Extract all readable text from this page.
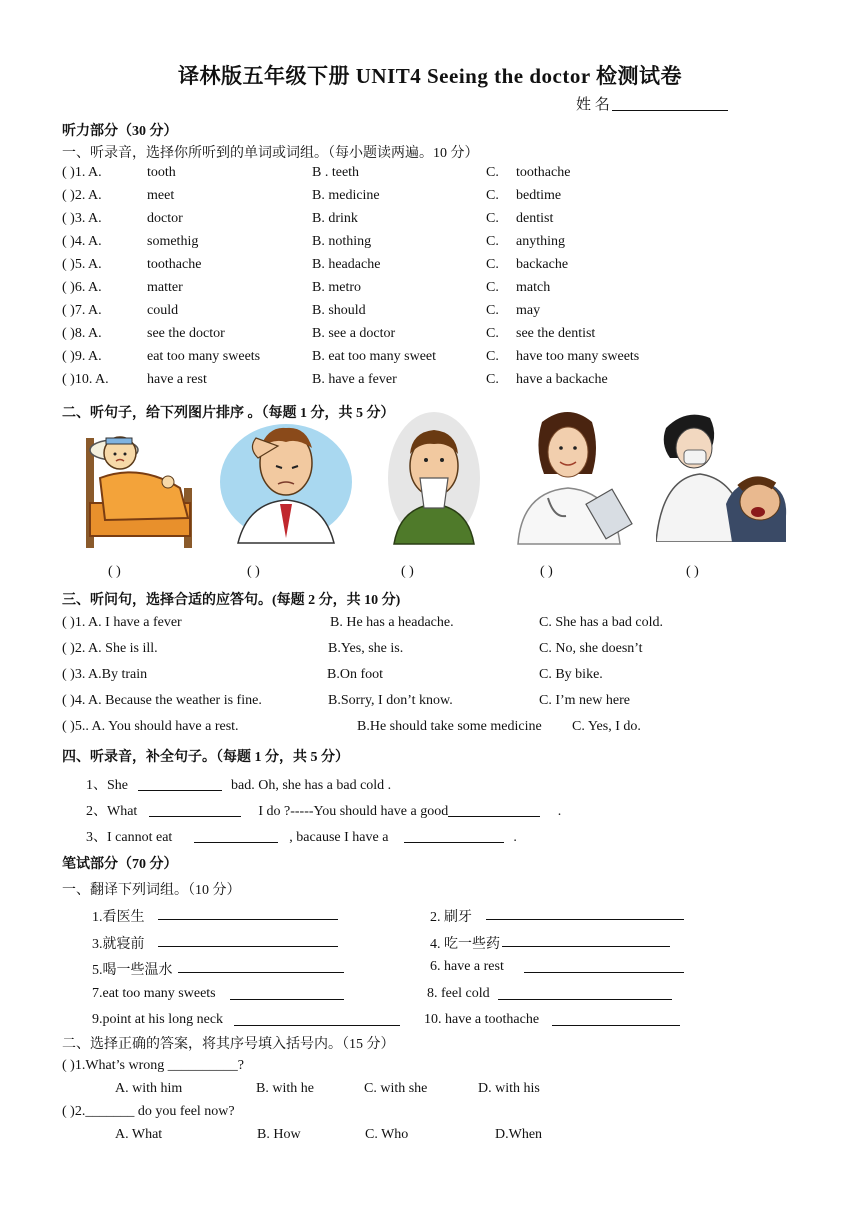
译林版五年级下册 UNIT4 Seeing the doctor 检测试卷
姓 名
听力部分（30 分）
一、听录音，选择你所听到的单词或词组。（每小题读两遍。10 分）
( )1. A.	tooth	B . teeth	C. toothache
( )2. A.	meet	B. medicine	C. bedtime
( )3. A.	doctor	B. drink	C. dentist
( )4. A.	somethig	B. nothing	C. anything
( )5. A.	toothache	B. headache	C. backache
( )6. A.	matter	B. metro	C. match
( )7. A.	could	B. should	C. may
( )8. A.	see the doctor	B. see a doctor	C. see the dentist
( )9. A.	eat too many sweets	B. eat too many sweet	C. have too many sweets
( )10. A.	have a rest	B. have a fever	C. have a backache
二、听句子，给下列图片排序 。（每题 1 分，共 5 分）
( )	( )	( )	( )	( )
三、听问句，选择合适的应答句。(每题 2 分，共 10 分)
( )1. A. I have a fever	B. He has a headache.	C. She has a bad cold.
( )2. A. She is ill.	B.Yes, she is.	C. No, she doesn’t
( )3. A.By train	B.On foot	C. By bike.
( )4. A. Because the weather is fine.	B.Sorry, I don’t know.	C. I’m new here
( )5.. A. You should have a rest.	B.He should take some medicine C. Yes, I do.
四、听录音，补全句子。（每题 1 分，共 5 分）
1、She	bad. Oh, she has a bad cold .
2、What	I do ?-----You should have a good	.
3、I cannot eat	, bacause I have a	.
笔试部分（70 分）
一、翻译下列词组。（10 分）
1.看医生	2. 刷牙
3.就寝前	4. 吃一些药
5.喝一些温水	6. have a rest
7.eat too many sweets	8. feel cold
9.point at his long neck	10. have a toothache
二、选择正确的答案，将其序号填入括号内。（15 分）
( )1.What’s wrong __________?
A. with him	B. with he	C. with she	D. with his
( )2._______ do you feel now?
A. What	B. How	C. Who	D.When
